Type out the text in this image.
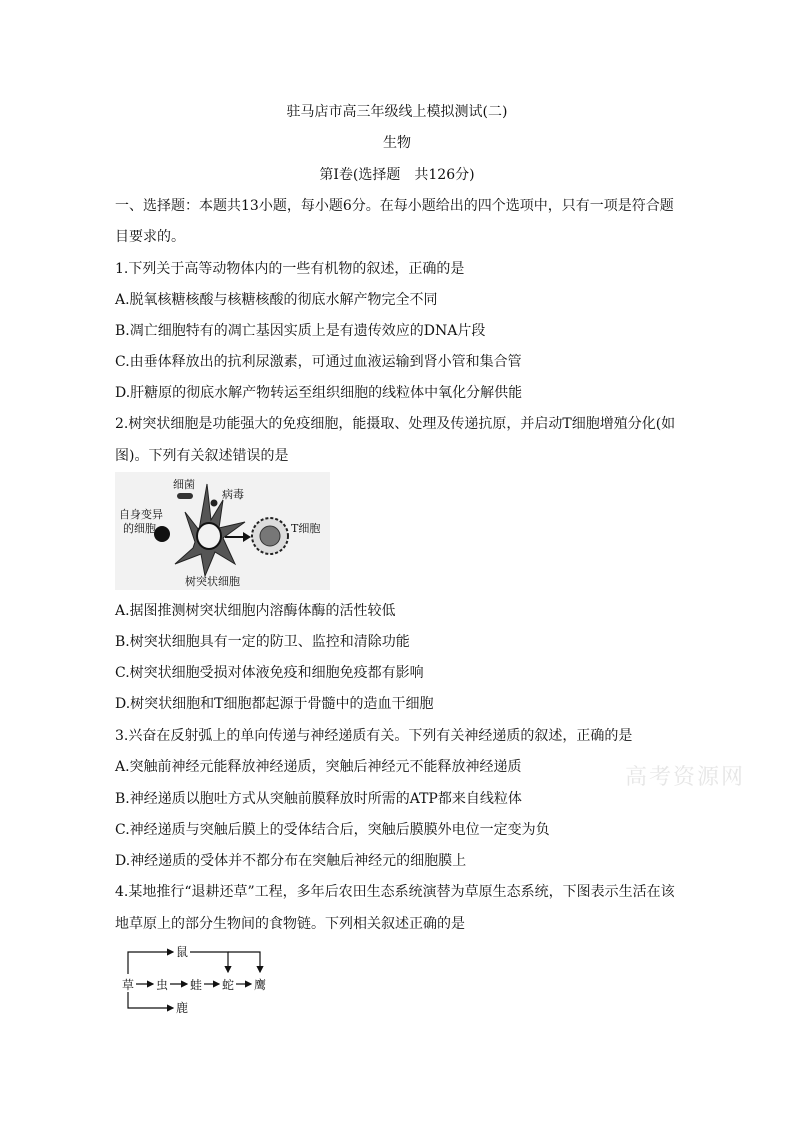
驻马店市高三年级线上模拟测试(二)
生物
第Ⅰ卷(选择题　共126分)
一、选择题：本题共13小题，每小题6分。在每小题给出的四个选项中，只有一项是符合题
目要求的。
1.下列关于高等动物体内的一些有机物的叙述，正确的是
A.脱氧核糖核酸与核糖核酸的彻底水解产物完全不同
B.凋亡细胞特有的凋亡基因实质上是有遗传效应的DNA片段
C.由垂体释放出的抗利尿激素，可通过血液运输到肾小管和集合管
D.肝糖原的彻底水解产物转运至组织细胞的线粒体中氧化分解供能
2.树突状细胞是功能强大的免疫细胞，能摄取、处理及传递抗原，并启动T细胞增殖分化(如
图)。下列有关叙述错误的是
细菌
病毒
自身变异
的细胞	T细胞
树突状细胞
A.据图推测树突状细胞内溶酶体酶的活性较低
B.树突状细胞具有一定的防卫、监控和清除功能
C.树突状细胞受损对体液免疫和细胞免疫都有影响
D.树突状细胞和T细胞都起源于骨髓中的造血干细胞
3.兴奋在反射弧上的单向传递与神经递质有关。下列有关神经递质的叙述，正确的是
A.突触前神经元能释放神经递质，突触后神经元不能释放神经递质
B.神经递质以胞吐方式从突触前膜释放时所需的ATP都来自线粒体
C.神经递质与突触后膜上的受体结合后，突触后膜膜外电位一定变为负
D.神经递质的受体并不都分布在突触后神经元的细胞膜上
4.某地推行“退耕还草”工程，多年后农田生态系统演替为草原生态系统，下图表示生活在该
地草原上的部分生物间的食物链。下列相关叙述正确的是
草 虫 蛙 蛇 鹰
鼠
鹿
高考资源网
